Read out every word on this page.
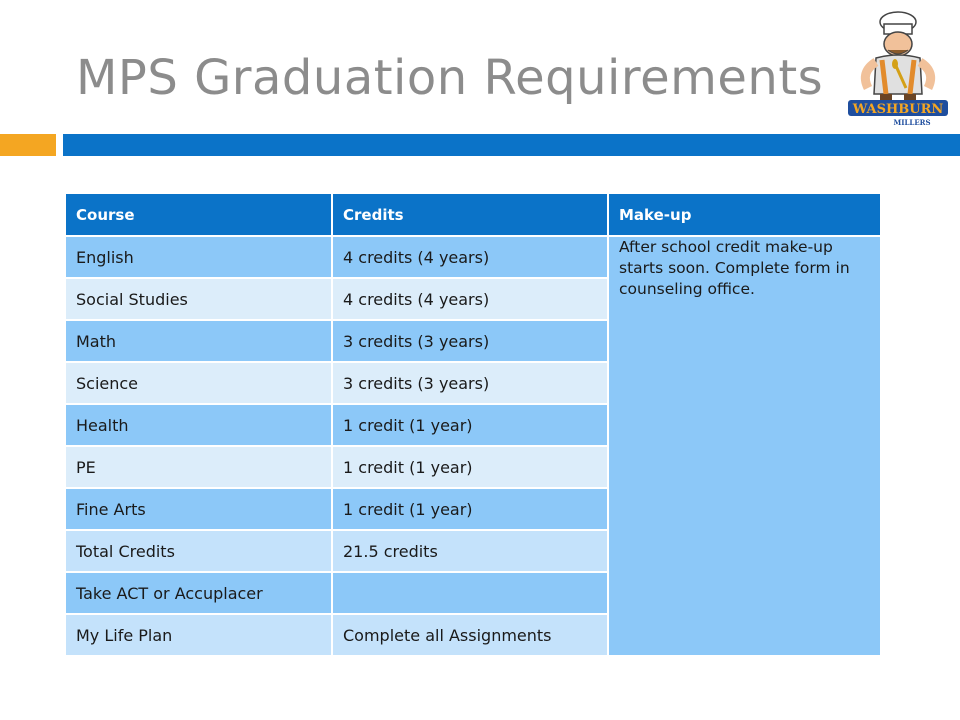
MPS Graduation Requirements
WASHBURN
MILLERS
Course	Credits	Make-up
English	4 credits (4 years)	After school credit make-up starts soon. Complete form in counseling office.
Social Studies	4 credits (4 years)	
Math	3 credits (3 years)	
Science	3 credits (3 years)	
Health	1 credit (1 year)	
PE	1 credit (1 year)	
Fine Arts	1 credit (1 year)	
Total Credits	21.5 credits	
Take ACT or Accuplacer		
My Life Plan	Complete all Assignments	
